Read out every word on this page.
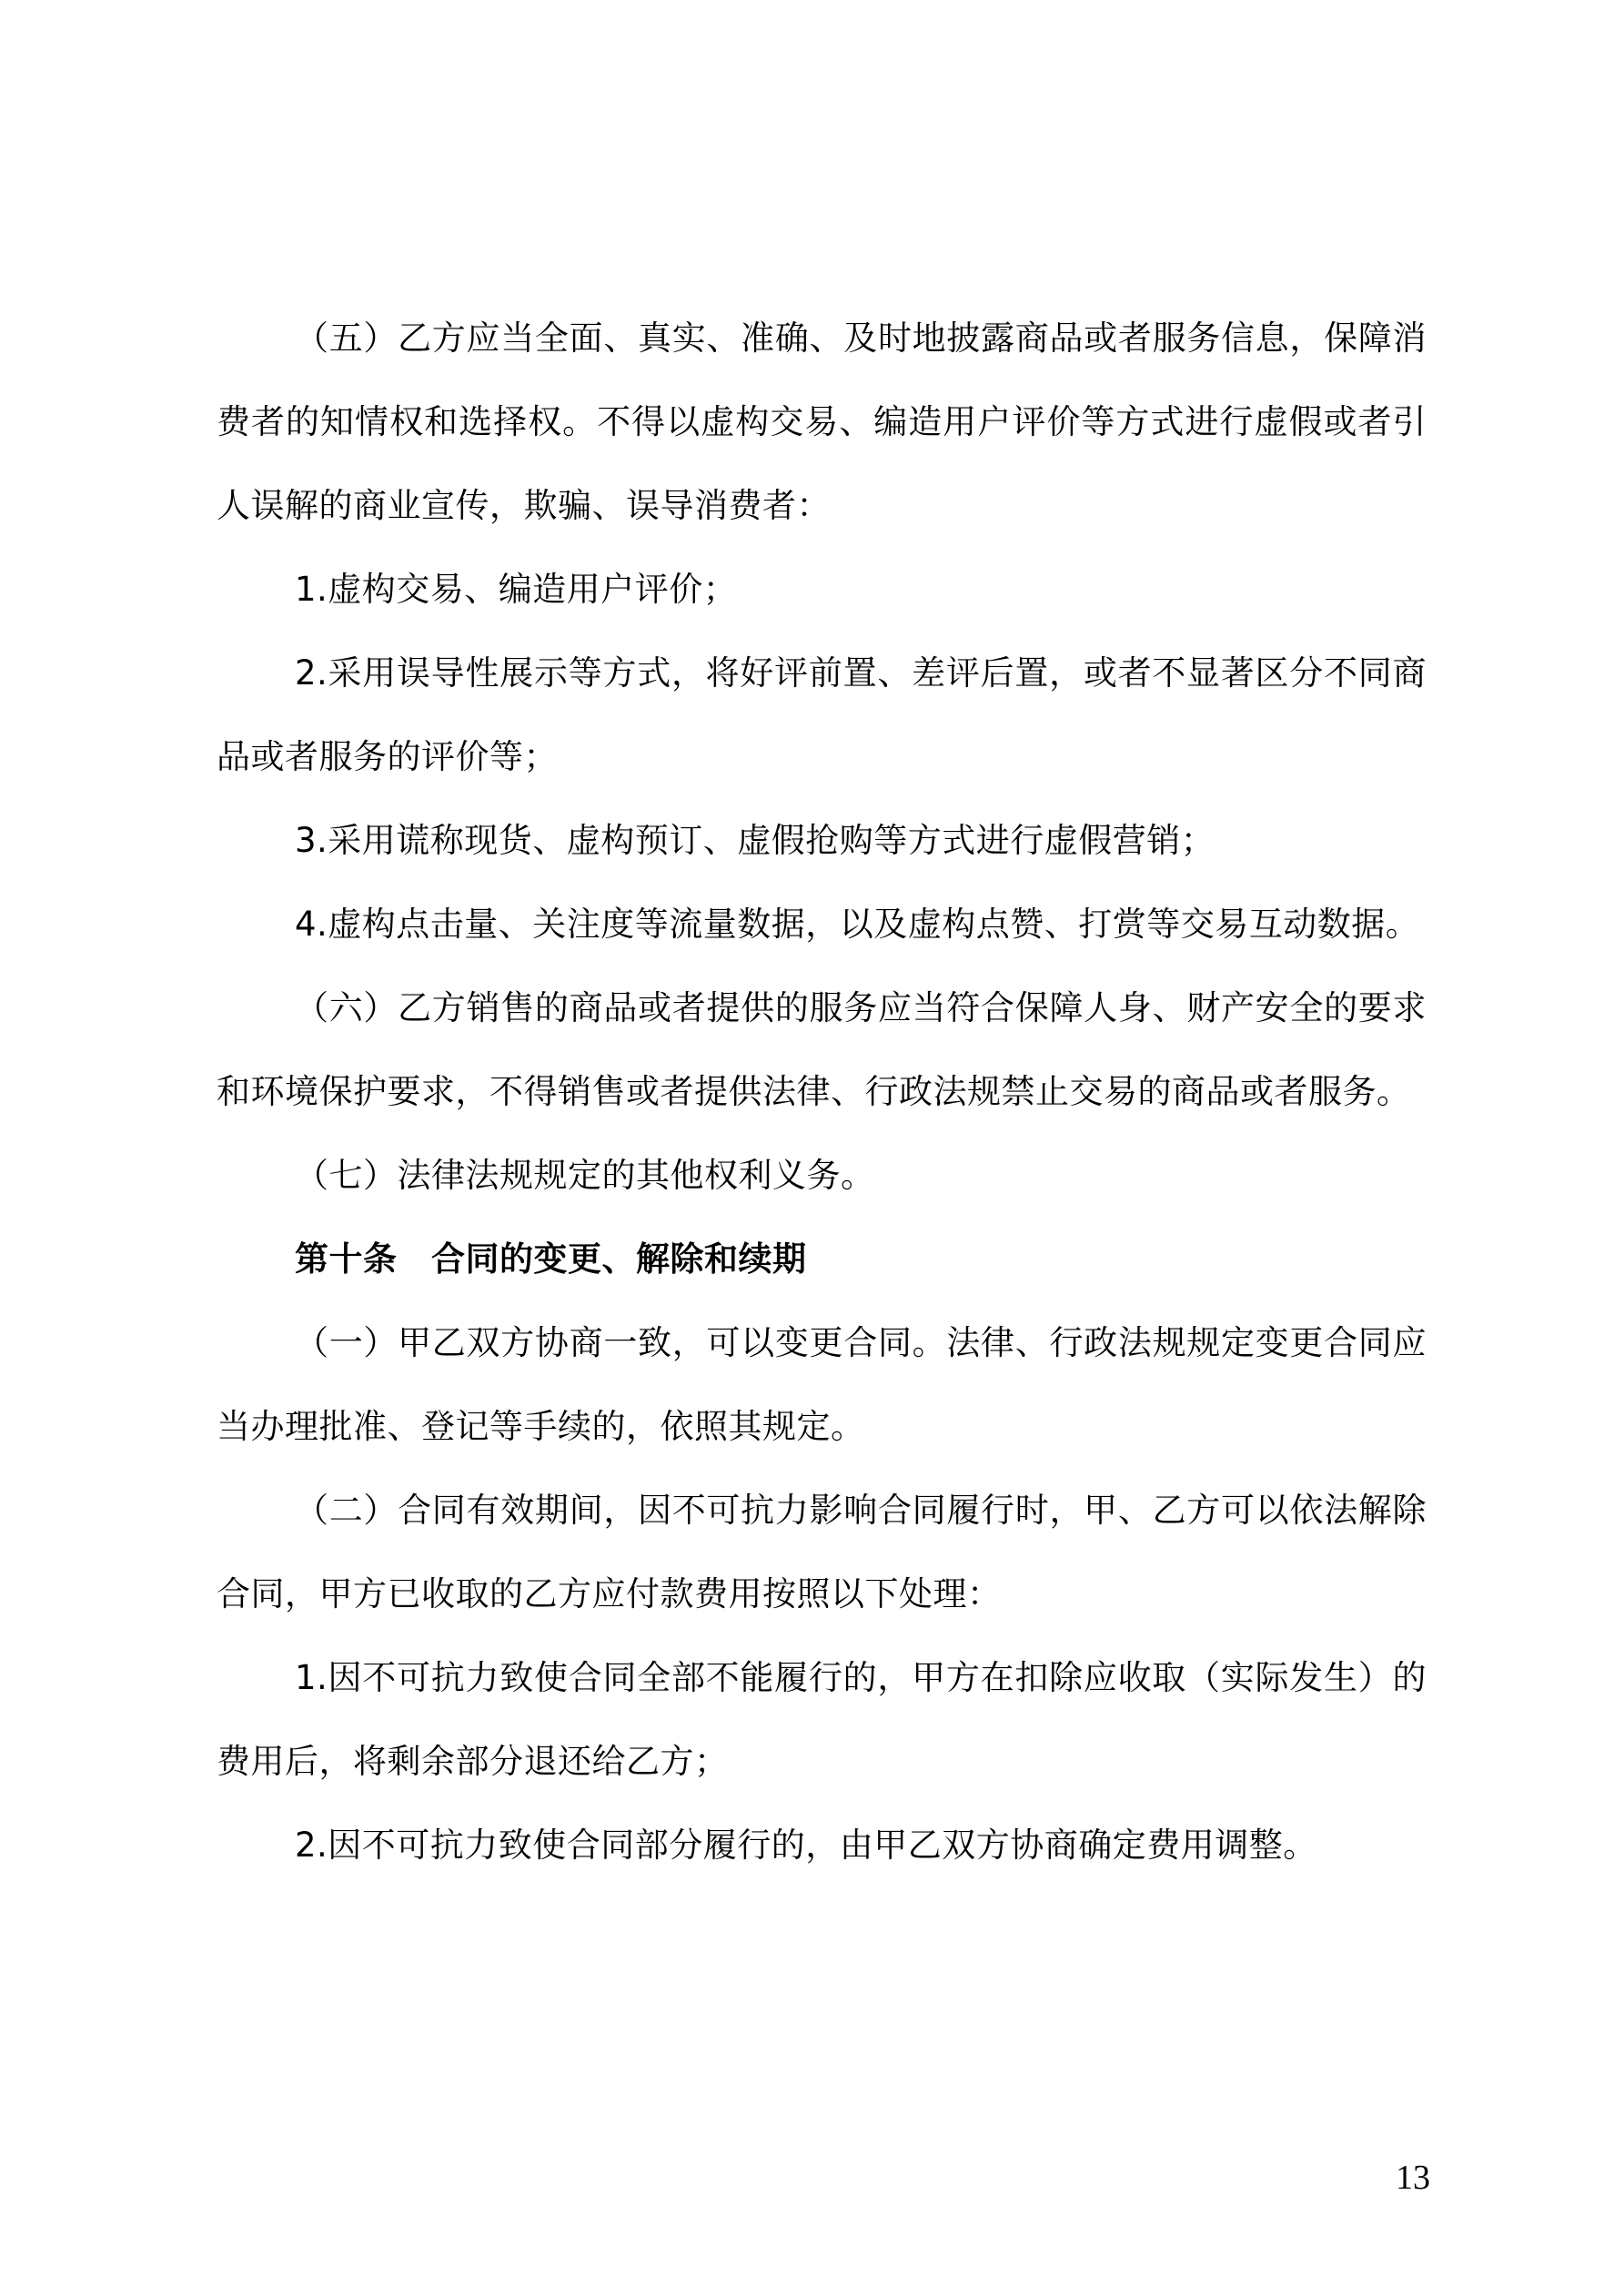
（五）乙方应当全面、真实、准确、及时地披露商品或者服务信息，保障消费者的知情权和选择权。不得以虚构交易、编造用户评价等方式进行虚假或者引人误解的商业宣传，欺骗、误导消费者：

1.虚构交易、编造用户评价；

2.采用误导性展示等方式，将好评前置、差评后置，或者不显著区分不同商品或者服务的评价等；

3.采用谎称现货、虚构预订、虚假抢购等方式进行虚假营销；

4.虚构点击量、关注度等流量数据，以及虚构点赞、打赏等交易互动数据。

（六）乙方销售的商品或者提供的服务应当符合保障人身、财产安全的要求和环境保护要求，不得销售或者提供法律、行政法规禁止交易的商品或者服务。

（七）法律法规规定的其他权利义务。

第十条　合同的变更、解除和续期

（一）甲乙双方协商一致，可以变更合同。法律、行政法规规定变更合同应当办理批准、登记等手续的，依照其规定。

（二）合同有效期间，因不可抗力影响合同履行时，甲、乙方可以依法解除合同，甲方已收取的乙方应付款费用按照以下处理：

1.因不可抗力致使合同全部不能履行的，甲方在扣除应收取（实际发生）的费用后，将剩余部分退还给乙方；

2.因不可抗力致使合同部分履行的，由甲乙双方协商确定费用调整。

13
